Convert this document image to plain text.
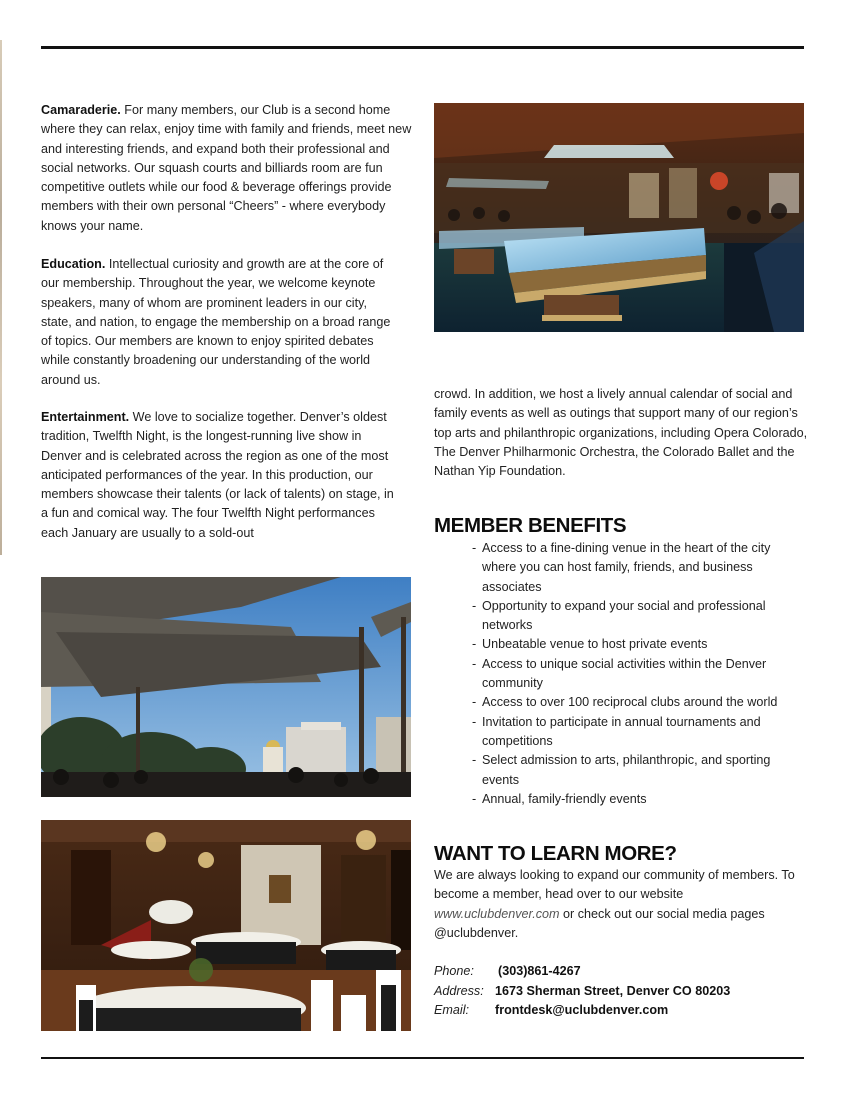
Camaraderie. For many members, our Club is a second home where they can relax, enjoy time with family and friends, meet new and interesting friends, and expand both their professional and social networks. Our squash courts and billiards room are fun competitive outlets while our food & beverage offerings provide members with their own personal “Cheers” - where everybody knows your name.

Education. Intellectual curiosity and growth are at the core of our membership. Throughout the year, we welcome keynote speakers, many of whom are prominent leaders in our city, state, and nation, to engage the membership on a broad range of topics. Our members are known to enjoy spirited debates while constantly broadening our understanding of the world around us.

Entertainment. We love to socialize together. Denver’s oldest tradition, Twelfth Night, is the longest-running live show in Denver and is celebrated across the region as one of the most anticipated performances of the year. In this production, our members showcase their talents (or lack of talents) on stage, in a fun and comical way. The four Twelfth Night performances each January are usually to a sold-out

crowd. In addition, we host a lively annual calendar of social and family events as well as outings that support many of our region’s top arts and philanthropic organizations, including Opera Colorado, The Denver Philharmonic Orchestra, the Colorado Ballet and the Nathan Yip Foundation.

MEMBER BENEFITS
- Access to a fine-dining venue in the heart of the city where you can host family, friends, and business associates
- Opportunity to expand your social and professional networks
- Unbeatable venue to host private events
- Access to unique social activities within the Denver community
- Access to over 100 reciprocal clubs around the world
- Invitation to participate in annual tournaments and competitions
- Select admission to arts, philanthropic, and sporting events
- Annual, family-friendly events
WANT TO LEARN MORE?

We are always looking to expand our community of members. To become a member, head over to our website www.uclubdenver.com or check out our social media pages @uclubdenver.

Phone: (303)861-4267
Address: 1673 Sherman Street, Denver CO 80203
Email: frontdesk@uclubdenver.com
